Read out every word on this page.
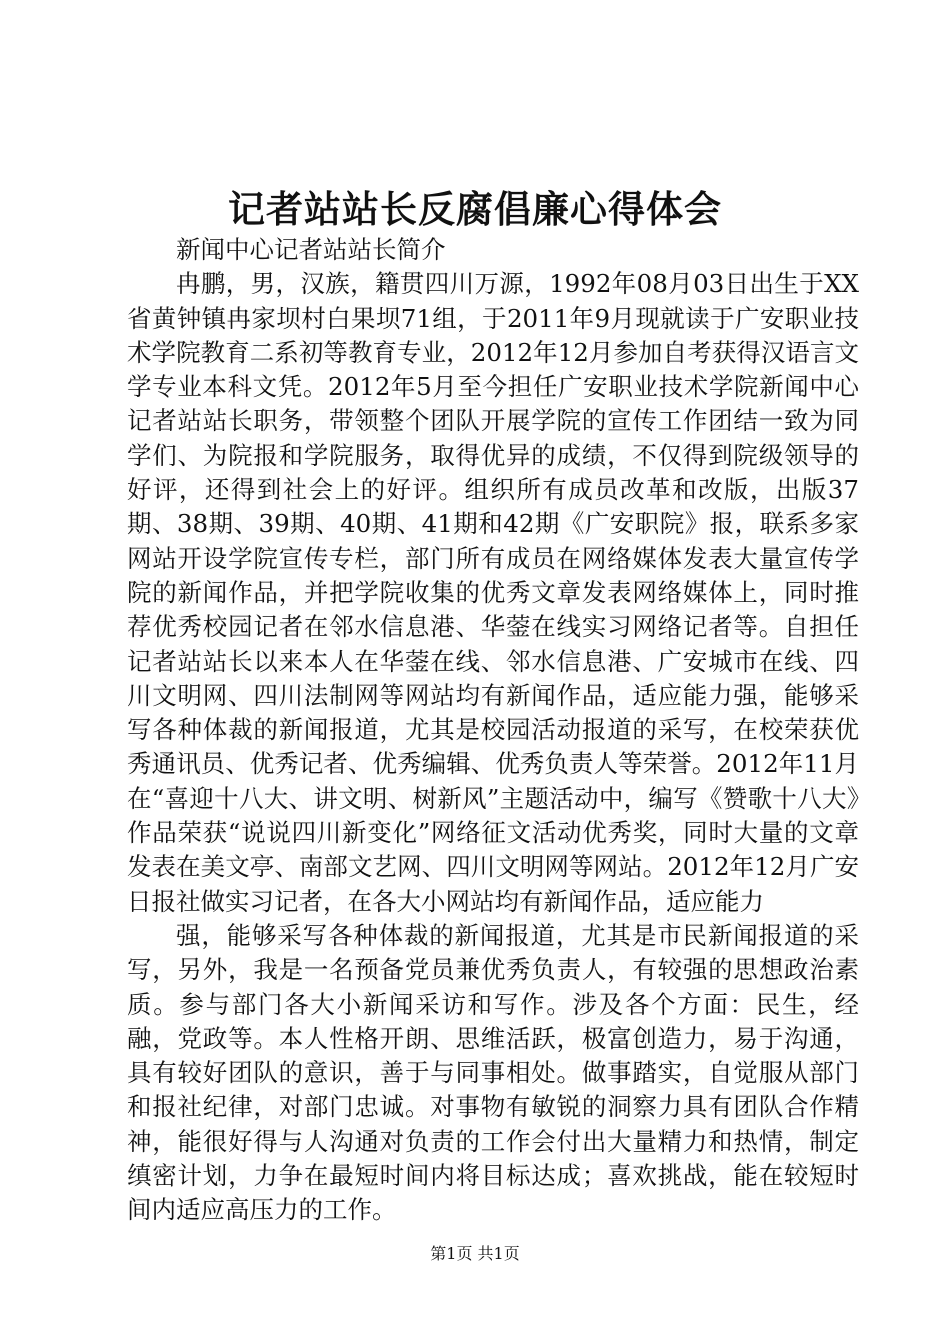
记者站站长反腐倡廉心得体会

新闻中心记者站站长简介

冉鹏，男，汉族，籍贯四川万源，1992年08月03日出生于XX省黄钟镇冉家坝村白果坝71组，于2011年9月现就读于广安职业技术学院教育二系初等教育专业，2012年12月参加自考获得汉语言文学专业本科文凭。2012年5月至今担任广安职业技术学院新闻中心记者站站长职务，带领整个团队开展学院的宣传工作团结一致为同学们、为院报和学院服务，取得优异的成绩，不仅得到院级领导的好评，还得到社会上的好评。组织所有成员改革和改版，出版37期、38期、39期、40期、41期和42期《广安职院》报，联系多家网站开设学院宣传专栏，部门所有成员在网络媒体发表大量宣传学院的新闻作品，并把学院收集的优秀文章发表网络媒体上，同时推荐优秀校园记者在邻水信息港、华蓥在线实习网络记者等。自担任记者站站长以来本人在华蓥在线、邻水信息港、广安城市在线、四川文明网、四川法制网等网站均有新闻作品，适应能力强，能够采写各种体裁的新闻报道，尤其是校园活动报道的采写，在校荣获优秀通讯员、优秀记者、优秀编辑、优秀负责人等荣誉。2012年11月在“喜迎十八大、讲文明、树新风”主题活动中，编写《赞歌十八大》作品荣获“说说四川新变化”网络征文活动优秀奖，同时大量的文章发表在美文亭、南部文艺网、四川文明网等网站。2012年12月广安日报社做实习记者，在各大小网站均有新闻作品，适应能力

强，能够采写各种体裁的新闻报道，尤其是市民新闻报道的采写，另外，我是一名预备党员兼优秀负责人，有较强的思想政治素质。参与部门各大小新闻采访和写作。涉及各个方面：民生，经融，党政等。本人性格开朗、思维活跃，极富创造力，易于沟通，具有较好团队的意识，善于与同事相处。做事踏实，自觉服从部门和报社纪律，对部门忠诚。对事物有敏锐的洞察力具有团队合作精神，能很好得与人沟通对负责的工作会付出大量精力和热情，制定缜密计划，力争在最短时间内将目标达成；喜欢挑战，能在较短时间内适应高压力的工作。

第1页 共1页
